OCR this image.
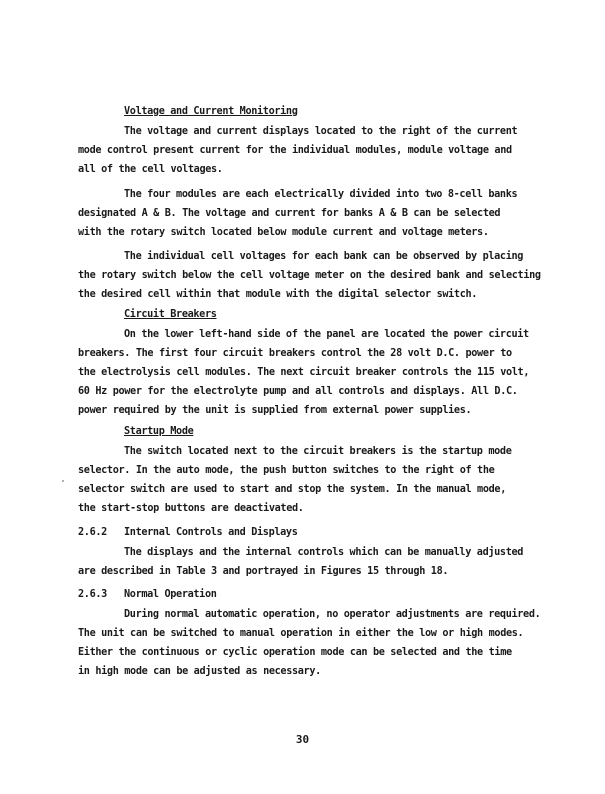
Voltage and Current Monitoring
The voltage and current displays located to the right of the current
mode control present current for the individual modules, module voltage and
all of the cell voltages.
The four modules are each electrically divided into two 8-cell banks
designated A & B. The voltage and current for banks A & B can be selected
with the rotary switch located below module current and voltage meters.
The individual cell voltages for each bank can be observed by placing
the rotary switch below the cell voltage meter on the desired bank and selecting
the desired cell within that module with the digital selector switch.
Circuit Breakers
On the lower left-hand side of the panel are located the power circuit
breakers. The first four circuit breakers control the 28 volt D.C. power to
the electrolysis cell modules. The next circuit breaker controls the 115 volt,
60 Hz power for the electrolyte pump and all controls and displays. All D.C.
power required by the unit is supplied from external power supplies.
Startup Mode
The switch located next to the circuit breakers is the startup mode
selector. In the auto mode, the push button switches to the right of the
selector switch are used to start and stop the system. In the manual mode,
the start-stop buttons are deactivated.
2.6.2 Internal Controls and Displays
The displays and the internal controls which can be manually adjusted
are described in Table 3 and portrayed in Figures 15 through 18.
2.6.3 Normal Operation
During normal automatic operation, no operator adjustments are required.
The unit can be switched to manual operation in either the low or high modes.
Either the continuous or cyclic operation mode can be selected and the time
in high mode can be adjusted as necessary.
30
